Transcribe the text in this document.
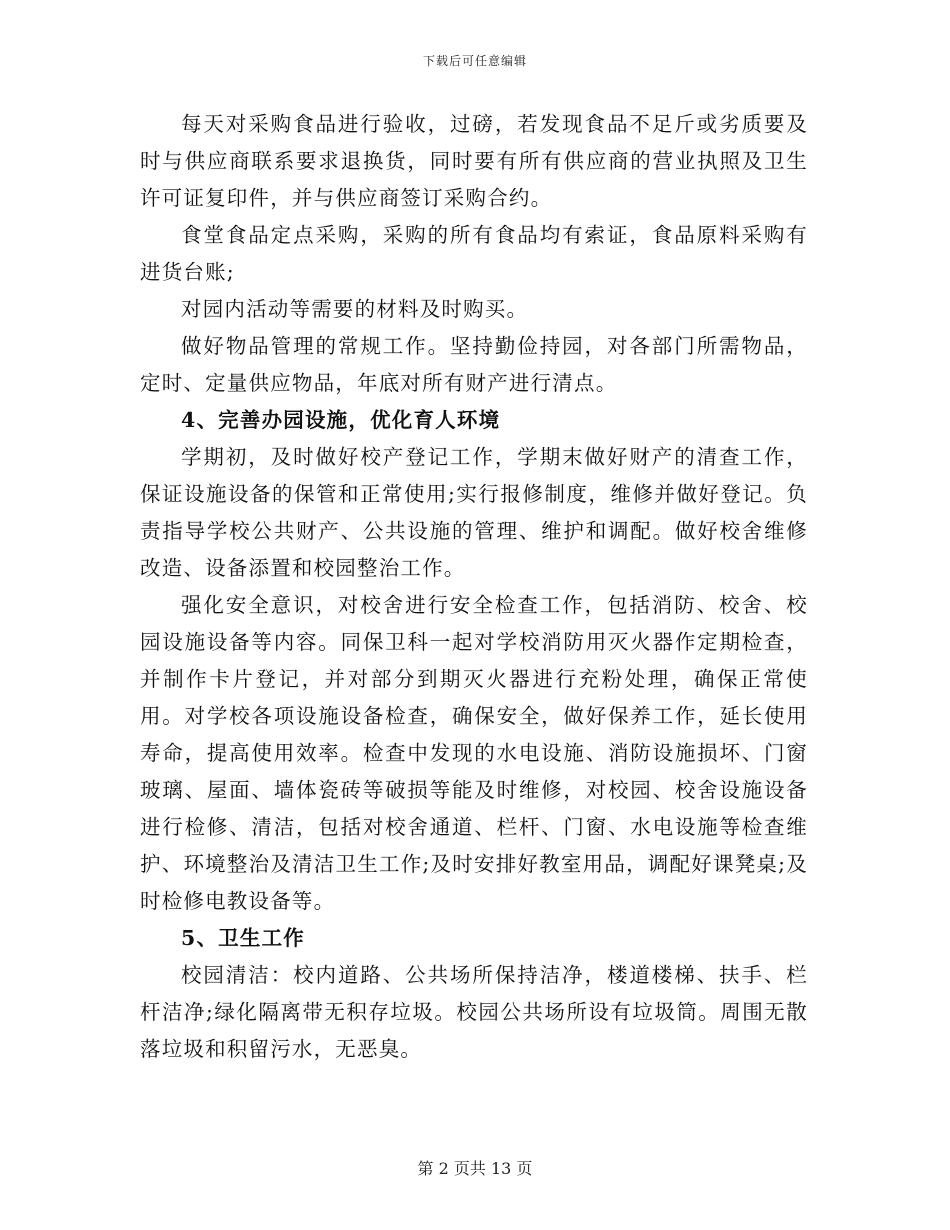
下载后可任意编辑

每天对采购食品进行验收，过磅，若发现食品不足斤或劣质要及时与供应商联系要求退换货，同时要有所有供应商的营业执照及卫生许可证复印件，并与供应商签订采购合约。

食堂食品定点采购，采购的所有食品均有索证，食品原料采购有进货台账;

对园内活动等需要的材料及时购买。

做好物品管理的常规工作。坚持勤俭持园，对各部门所需物品，定时、定量供应物品，年底对所有财产进行清点。

4、完善办园设施，优化育人环境

学期初，及时做好校产登记工作，学期末做好财产的清查工作，保证设施设备的保管和正常使用;实行报修制度，维修并做好登记。负责指导学校公共财产、公共设施的管理、维护和调配。做好校舍维修改造、设备添置和校园整治工作。

强化安全意识，对校舍进行安全检查工作，包括消防、校舍、校园设施设备等内容。同保卫科一起对学校消防用灭火器作定期检查，并制作卡片登记，并对部分到期灭火器进行充粉处理，确保正常使用。对学校各项设施设备检查，确保安全，做好保养工作，延长使用寿命，提高使用效率。检查中发现的水电设施、消防设施损坏、门窗玻璃、屋面、墙体瓷砖等破损等能及时维修，对校园、校舍设施设备进行检修、清洁，包括对校舍通道、栏杆、门窗、水电设施等检查维护、环境整治及清洁卫生工作;及时安排好教室用品，调配好课凳桌;及时检修电教设备等。

5、卫生工作

校园清洁：校内道路、公共场所保持洁净，楼道楼梯、扶手、栏杆洁净;绿化隔离带无积存垃圾。校园公共场所设有垃圾筒。周围无散落垃圾和积留污水，无恶臭。

第 2 页共 13 页
